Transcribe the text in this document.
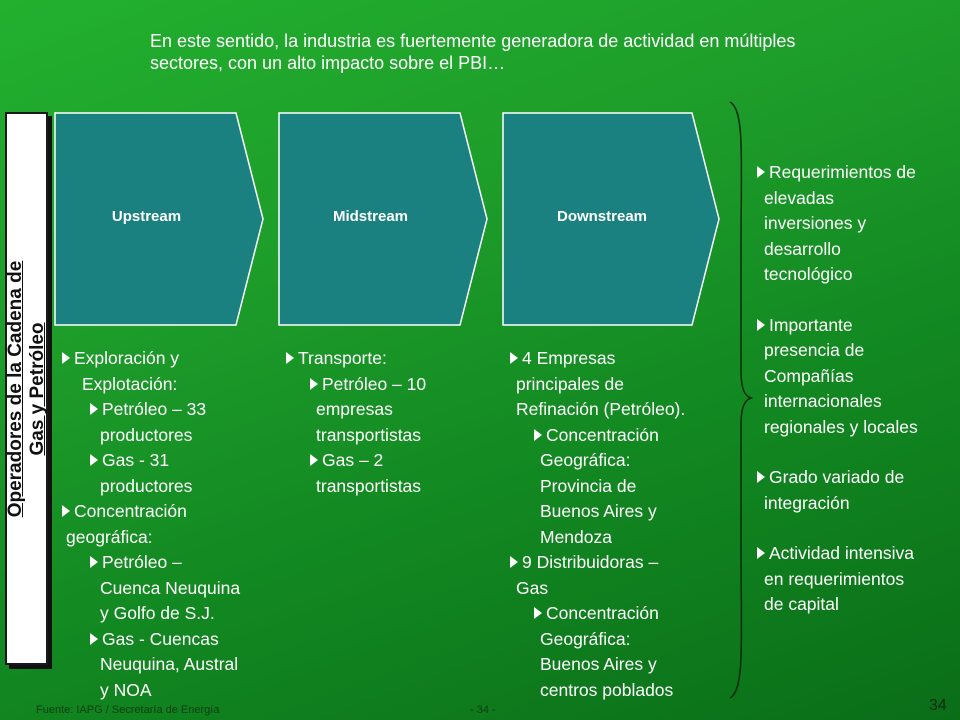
En este sentido, la industria es fuertemente generadora de actividad en múltiples sectores, con un alto impacto sobre el PBI…
Operadores de la Cadena de Gas y Petróleo
Upstream	Midstream	Downstream
Exploración y
Explotación:
Petróleo – 33
productores
Gas - 31
productores
Concentración
geográfica:
Petróleo –
Cuenca Neuquina
y Golfo de S.J.
Gas - Cuencas
Neuquina, Austral
y NOA
Transporte:
Petróleo – 10
empresas
transportistas
Gas – 2
transportistas
4 Empresas
principales de
Refinación (Petróleo).
Concentración
Geográfica:
Provincia de
Buenos Aires y
Mendoza
9 Distribuidoras –
Gas
Concentración
Geográfica:
Buenos Aires y
centros poblados
Requerimientos de
elevadas
inversiones y
desarrollo
tecnológico
Importante
presencia de
Compañías
internacionales
regionales y locales
Grado variado de
integración
Actividad intensiva
en requerimientos
de capital
Fuente: IAPG / Secretaría de Energía	- 34 -	34
